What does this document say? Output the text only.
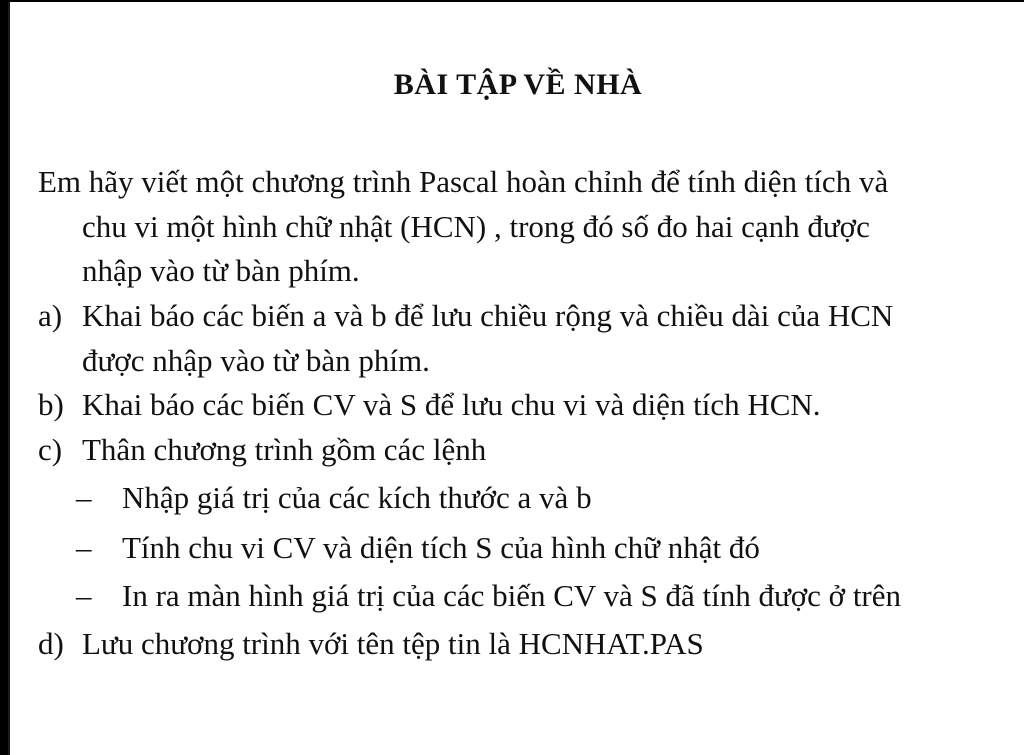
BÀI TẬP VỀ NHÀ
Em hãy viết một chương trình Pascal hoàn chỉnh để tính diện tích và
chu vi một hình chữ nhật (HCN) , trong đó số đo hai cạnh được
nhập vào từ bàn phím.
a) Khai báo các biến a và b để lưu chiều rộng và chiều dài của HCN
được nhập vào từ bàn phím.
b) Khai báo các biến CV và S để lưu chu vi và diện tích HCN.
c) Thân chương trình gồm các lệnh
– Nhập giá trị của các kích thước a và b
– Tính chu vi CV và diện tích S của hình chữ nhật đó
– In ra màn hình giá trị của các biến CV và S đã tính được ở trên
d) Lưu chương trình với tên tệp tin là HCNHAT.PAS
